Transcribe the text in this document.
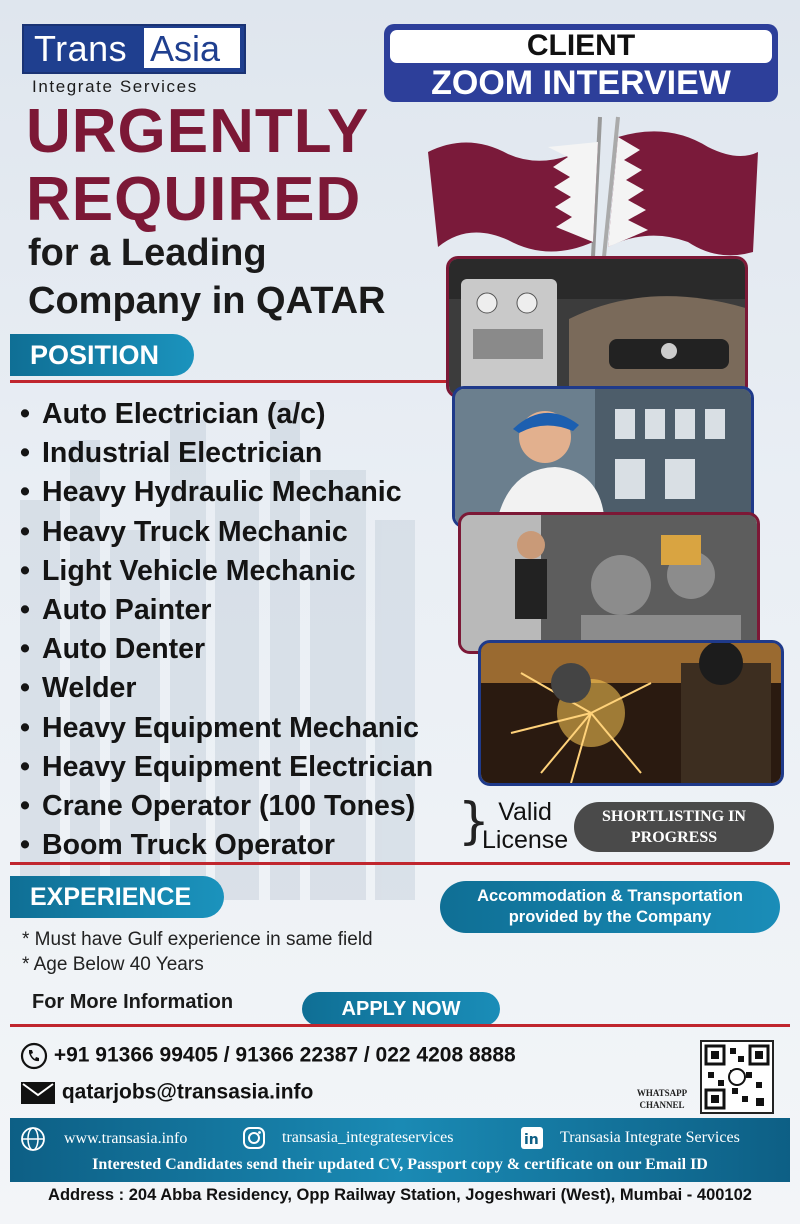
Trans Asia
Integrate Services
CLIENT
ZOOM INTERVIEW
URGENTLY
REQUIRED
for a Leading
Company in QATAR
POSITION
• Auto Electrician (a/c)
• Industrial Electrician
• Heavy Hydraulic Mechanic
• Heavy Truck Mechanic
• Light Vehicle Mechanic
• Auto Painter
• Auto Denter
• Welder
• Heavy Equipment Mechanic
• Heavy Equipment Electrician
• Crane Operator (100 Tones)
• Boom Truck Operator	} Valid
License
SHORTLISTING IN
PROGRESS
EXPERIENCE	Accommodation & Transportation
provided by the Company
* Must have Gulf experience in same field
* Age Below 40 Years
For More Information	APPLY NOW
+91 91366 99405 / 91366 22387 / 022 4208 8888
qatarjobs@transasia.info	WHATSAPP
CHANNEL
www.transasia.info	transasia_integrateservices	in Transasia Integrate Services
Interested Candidates send their updated CV, Passport copy & certificate on our Email ID
Address : 204 Abba Residency, Opp Railway Station, Jogeshwari (West), Mumbai - 400102
